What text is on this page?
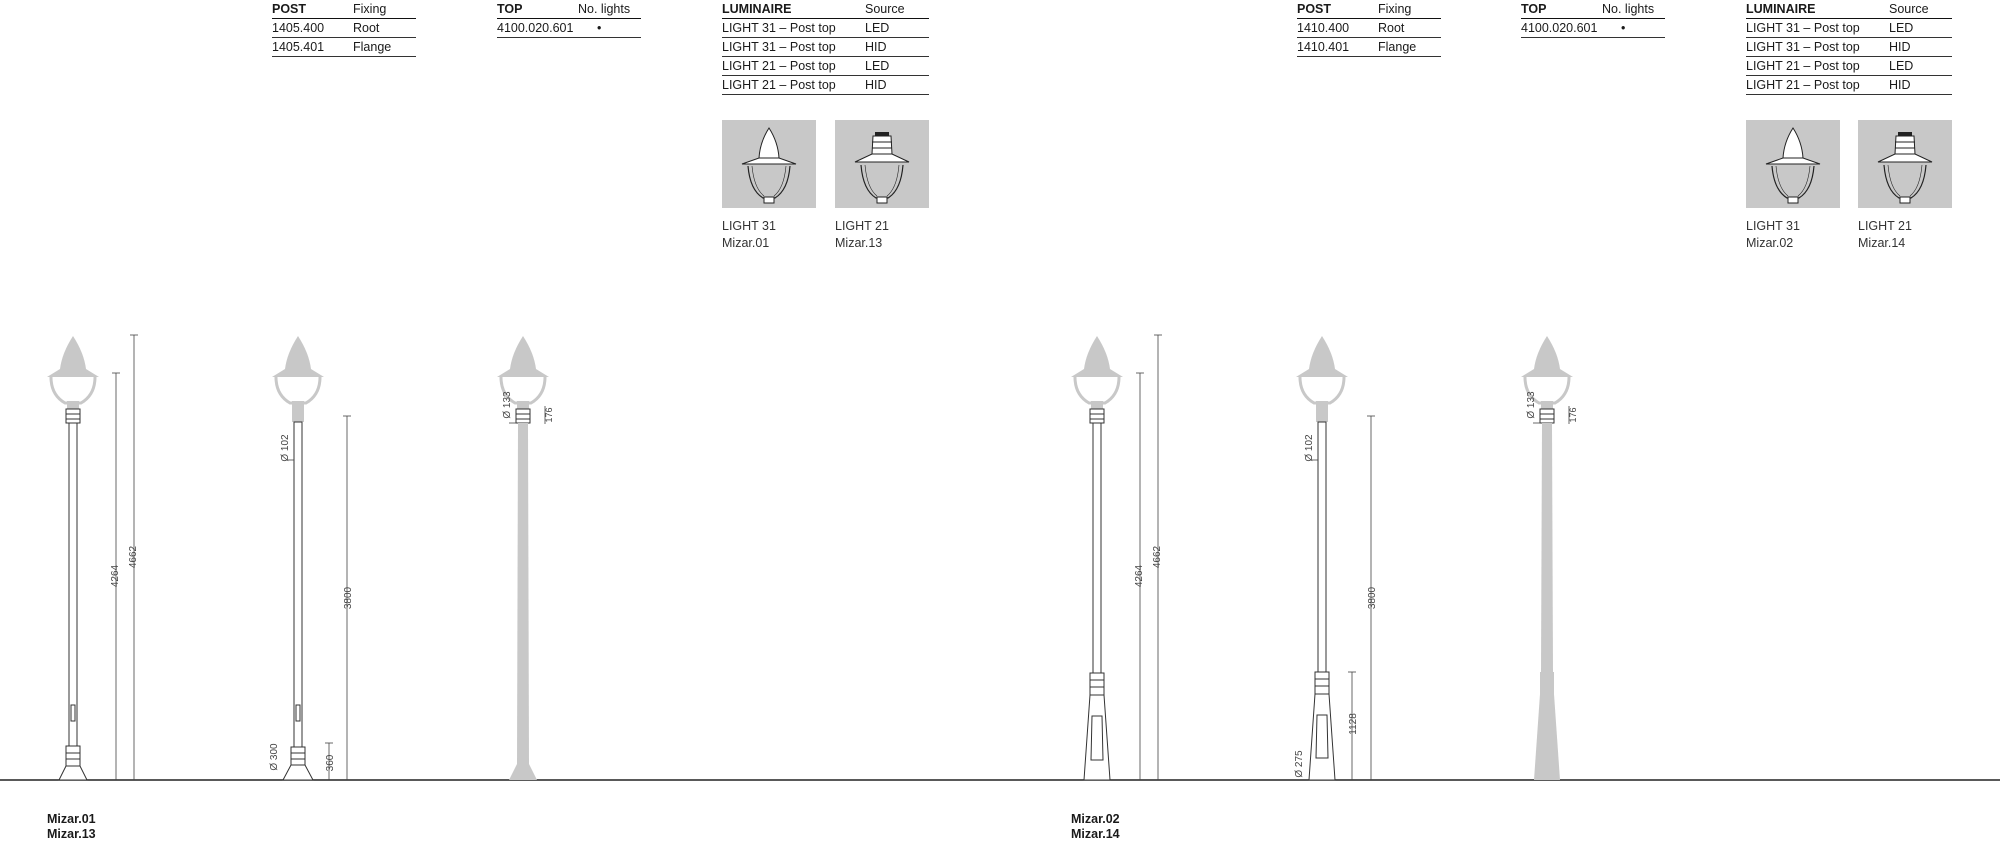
POST	Fixing
1405.400	Root
1405.401	Flange
TOP	No. lights
4100.020.601	•
LUMINAIRE	Source
LIGHT 31 – Post top	LED
LIGHT 31 – Post top	HID
LIGHT 21 – Post top	LED
LIGHT 21 – Post top	HID
LIGHT 31
Mizar.01
LIGHT 21
Mizar.13
POST	Fixing
1410.400	Root
1410.401	Flange
TOP	No. lights
4100.020.601	•
LUMINAIRE	Source
LIGHT 31 – Post top	LED
LIGHT 31 – Post top	HID
LIGHT 21 – Post top	LED
LIGHT 21 – Post top	HID
LIGHT 31
Mizar.02
LIGHT 21
Mizar.14
4264
4662
Ø 102
3800
Ø 300	360
Ø 133	176
4264
4662
Ø 102
3800
Ø 275
1128
Ø 133	176
Mizar.01
Mizar.13
Mizar.02
Mizar.14
